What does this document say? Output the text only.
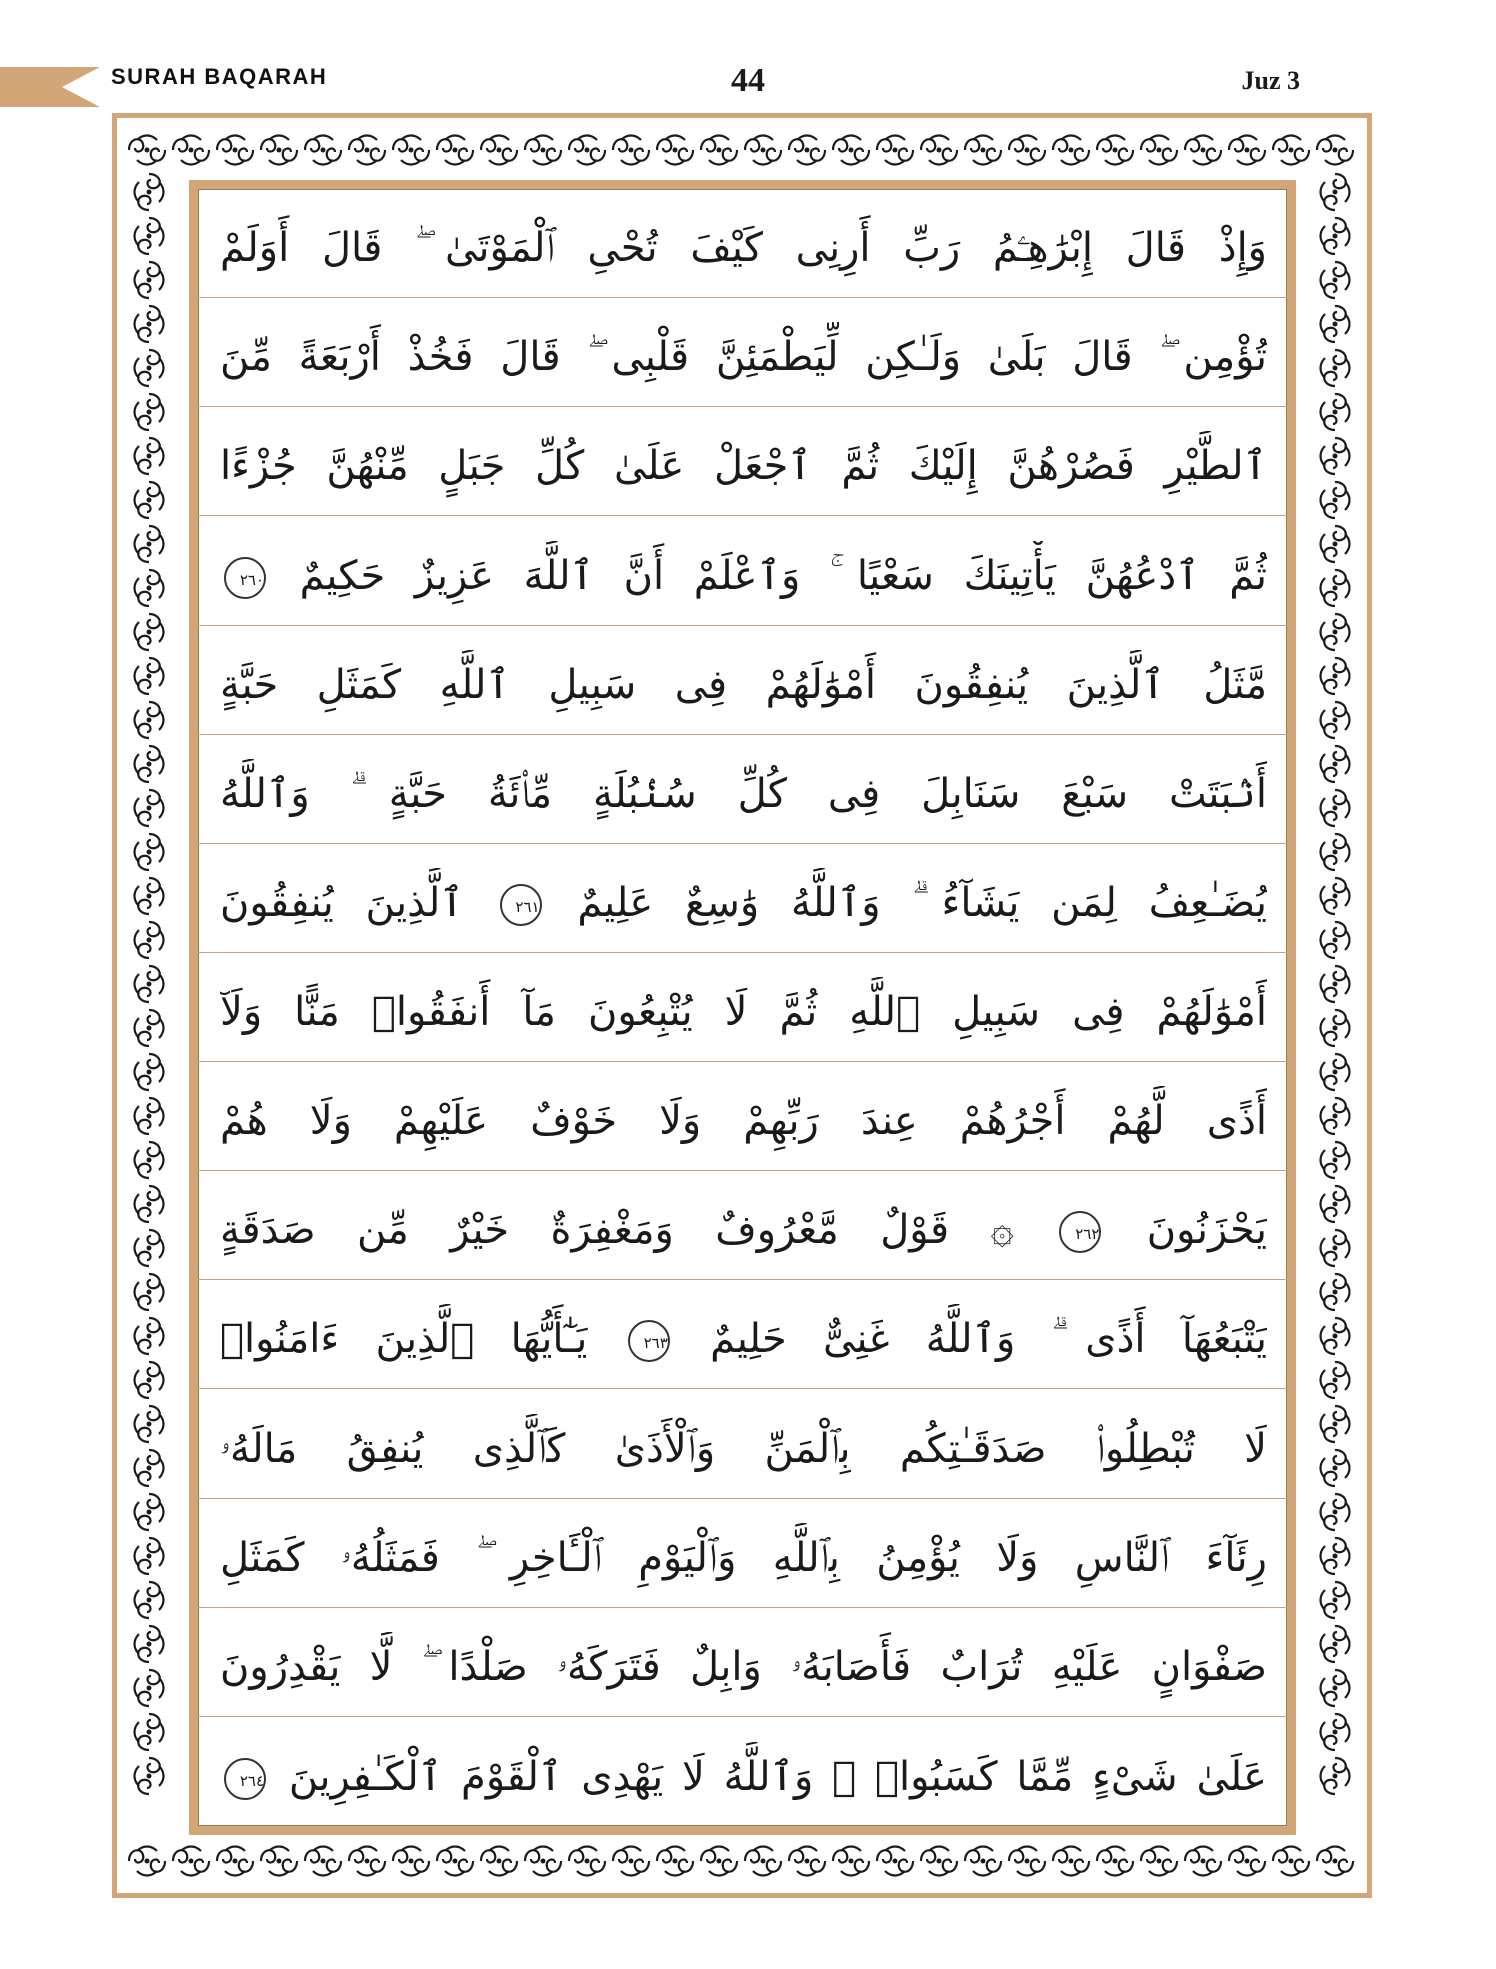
SURAH BAQARAH	44	Juz 3
وَإِذْ قَالَ إِبْرَٰهِـۧمُ رَبِّ أَرِنِى كَيْفَ تُحْىِ ٱلْمَوْتَىٰ ۖ قَالَ أَوَلَمْ
تُؤْمِن ۖ قَالَ بَلَىٰ وَلَـٰكِن لِّيَطْمَئِنَّ قَلْبِى ۖ قَالَ فَخُذْ أَرْبَعَةً مِّنَ
ٱلطَّيْرِ فَصُرْهُنَّ إِلَيْكَ ثُمَّ ٱجْعَلْ عَلَىٰ كُلِّ جَبَلٍ مِّنْهُنَّ جُزْءًا
ثُمَّ ٱدْعُهُنَّ يَأْتِينَكَ سَعْيًا ۚ وَٱعْلَمْ أَنَّ ٱللَّهَ عَزِيزٌ حَكِيمٌ ٢٦٠
مَّثَلُ ٱلَّذِينَ يُنفِقُونَ أَمْوَٰلَهُمْ فِى سَبِيلِ ٱللَّهِ كَمَثَلِ حَبَّةٍ
أَنۢبَتَتْ سَبْعَ سَنَابِلَ فِى كُلِّ سُنۢبُلَةٍ مِّا۟ئَةُ حَبَّةٍ ۗ وَٱللَّهُ
يُضَـٰعِفُ لِمَن يَشَآءُ ۗ وَٱللَّهُ وَٰسِعٌ عَلِيمٌ ٢٦١ ٱلَّذِينَ يُنفِقُونَ
أَمْوَٰلَهُمْ فِى سَبِيلِ ٱللَّهِ ثُمَّ لَا يُتْبِعُونَ مَآ أَنفَقُوا۟ مَنًّا وَلَآ
أَذًى لَّهُمْ أَجْرُهُمْ عِندَ رَبِّهِمْ وَلَا خَوْفٌ عَلَيْهِمْ وَلَا هُمْ
يَحْزَنُونَ ٢٦٢ ۞ قَوْلٌ مَّعْرُوفٌ وَمَغْفِرَةٌ خَيْرٌ مِّن صَدَقَةٍ
يَتْبَعُهَآ أَذًى ۗ وَٱللَّهُ غَنِىٌّ حَلِيمٌ ٢٦٣ يَـٰٓأَيُّهَا ٱلَّذِينَ ءَامَنُوا۟
لَا تُبْطِلُوا۟ صَدَقَـٰتِكُم بِٱلْمَنِّ وَٱلْأَذَىٰ كَٱلَّذِى يُنفِقُ مَالَهُۥ
رِئَآءَ ٱلنَّاسِ وَلَا يُؤْمِنُ بِٱللَّهِ وَٱلْيَوْمِ ٱلْـَٔاخِرِ ۖ فَمَثَلُهُۥ كَمَثَلِ
صَفْوَانٍ عَلَيْهِ تُرَابٌ فَأَصَابَهُۥ وَابِلٌ فَتَرَكَهُۥ صَلْدًا ۖ لَّا يَقْدِرُونَ
عَلَىٰ شَىْءٍ مِّمَّا كَسَبُوا۟ ۗ وَٱللَّهُ لَا يَهْدِى ٱلْقَوْمَ ٱلْكَـٰفِرِينَ ٢٦٤
